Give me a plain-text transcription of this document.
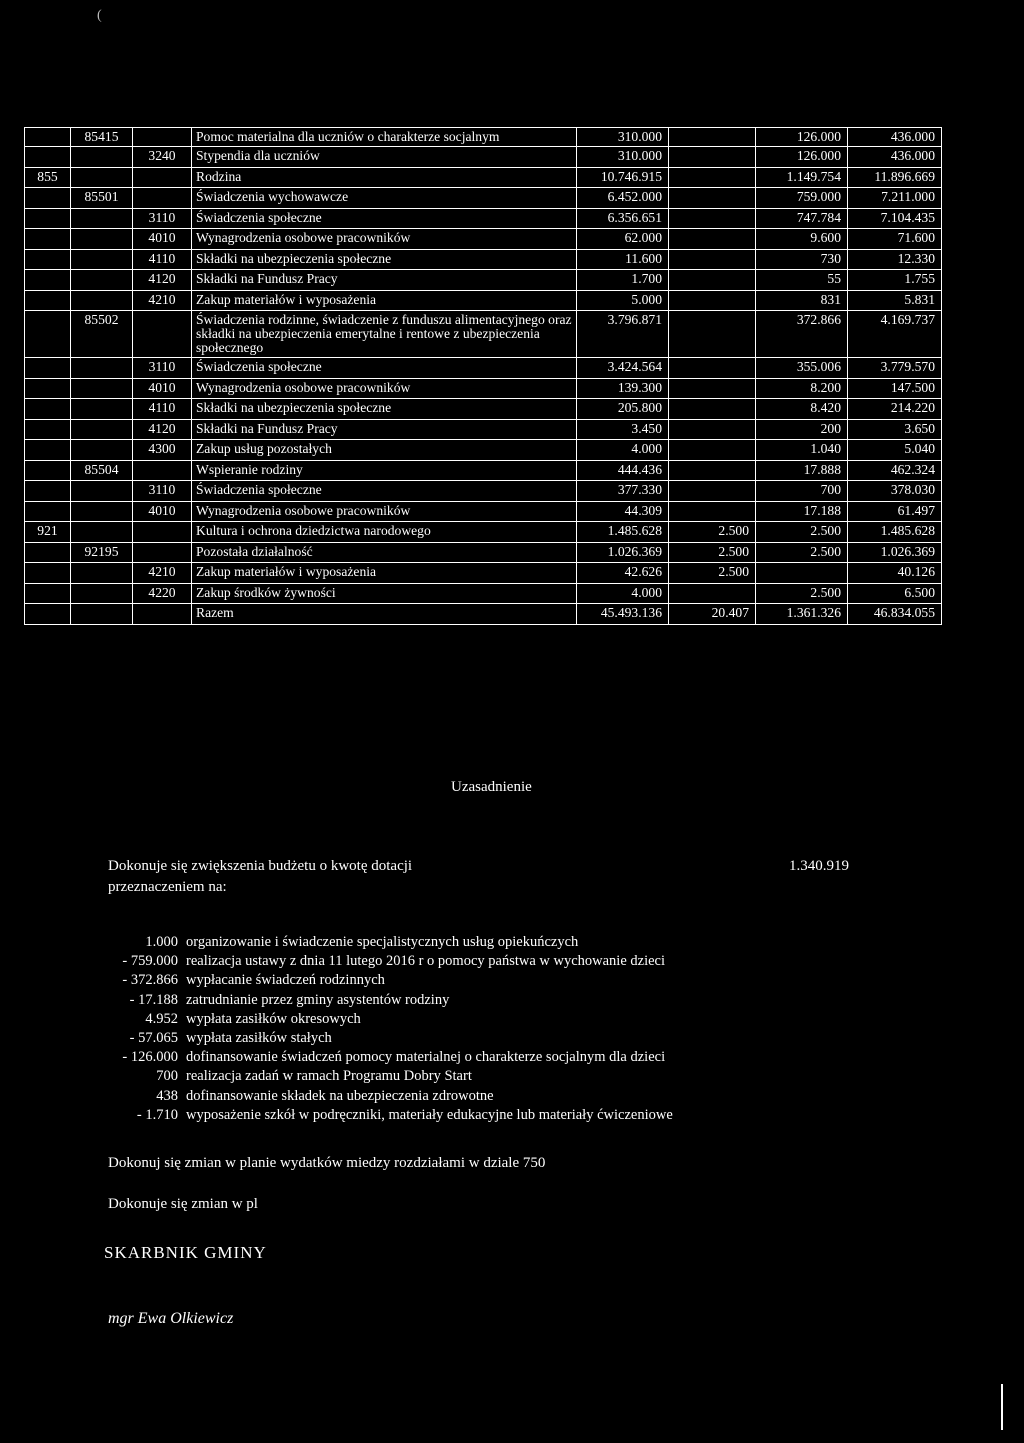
(
	85415		Pomoc materialna dla uczniów o charakterze socjalnym	310.000		126.000	436.000
		3240	Stypendia dla uczniów	310.000		126.000	436.000
855			Rodzina	10.746.915		1.149.754	11.896.669
	85501		Świadczenia wychowawcze	6.452.000		759.000	7.211.000
		3110	Świadczenia społeczne	6.356.651		747.784	7.104.435
		4010	Wynagrodzenia osobowe pracowników	62.000		9.600	71.600
		4110	Składki na ubezpieczenia społeczne	11.600		730	12.330
		4120	Składki na Fundusz Pracy	1.700		55	1.755
		4210	Zakup materiałów i wyposażenia	5.000		831	5.831
	85502		Świadczenia rodzinne, świadczenie z funduszu alimentacyjnego oraz składki na ubezpieczenia emerytalne i rentowe z ubezpieczenia społecznego	3.796.871		372.866	4.169.737
		3110	Świadczenia społeczne	3.424.564		355.006	3.779.570
		4010	Wynagrodzenia osobowe pracowników	139.300		8.200	147.500
		4110	Składki na ubezpieczenia społeczne	205.800		8.420	214.220
		4120	Składki na Fundusz Pracy	3.450		200	3.650
		4300	Zakup usług pozostałych	4.000		1.040	5.040
	85504		Wspieranie rodziny	444.436		17.888	462.324
		3110	Świadczenia społeczne	377.330		700	378.030
		4010	Wynagrodzenia osobowe pracowników	44.309		17.188	61.497
921			Kultura i ochrona dziedzictwa narodowego	1.485.628	2.500	2.500	1.485.628
	92195		Pozostała działalność	1.026.369	2.500	2.500	1.026.369
		4210	Zakup materiałów i wyposażenia	42.626	2.500		40.126
		4220	Zakup środków żywności	4.000		2.500	6.500
			Razem	45.493.136	20.407	1.361.326	46.834.055
Uzasadnienie
Dokonuje się zwiększenia budżetu o kwotę dotacji przeznaczeniem na:
1.340.919
1.000 organizowanie i świadczenie specjalistycznych usług opiekuńczych
- 759.000 realizacja ustawy z dnia 11 lutego 2016 r o pomocy państwa w wychowanie dzieci
- 372.866 wypłacanie świadczeń rodzinnych
- 17.188 zatrudnianie przez gminy asystentów rodziny
4.952 wypłata zasiłków okresowych
- 57.065 wypłata zasiłków stałych
- 126.000 dofinansowanie świadczeń pomocy materialnej o charakterze socjalnym dla dzieci
700 realizacja zadań w ramach Programu Dobry Start
438 dofinansowanie składek na ubezpieczenia zdrowotne
- 1.710 wyposażenie szkół w podręczniki, materiały edukacyjne lub materiały ćwiczeniowe
Dokonuj się zmian w planie wydatków miedzy rozdziałami w dziale 750
Dokonuje się zmian w pl
SKARBNIK GMINY
mgr Ewa Olkiewicz
